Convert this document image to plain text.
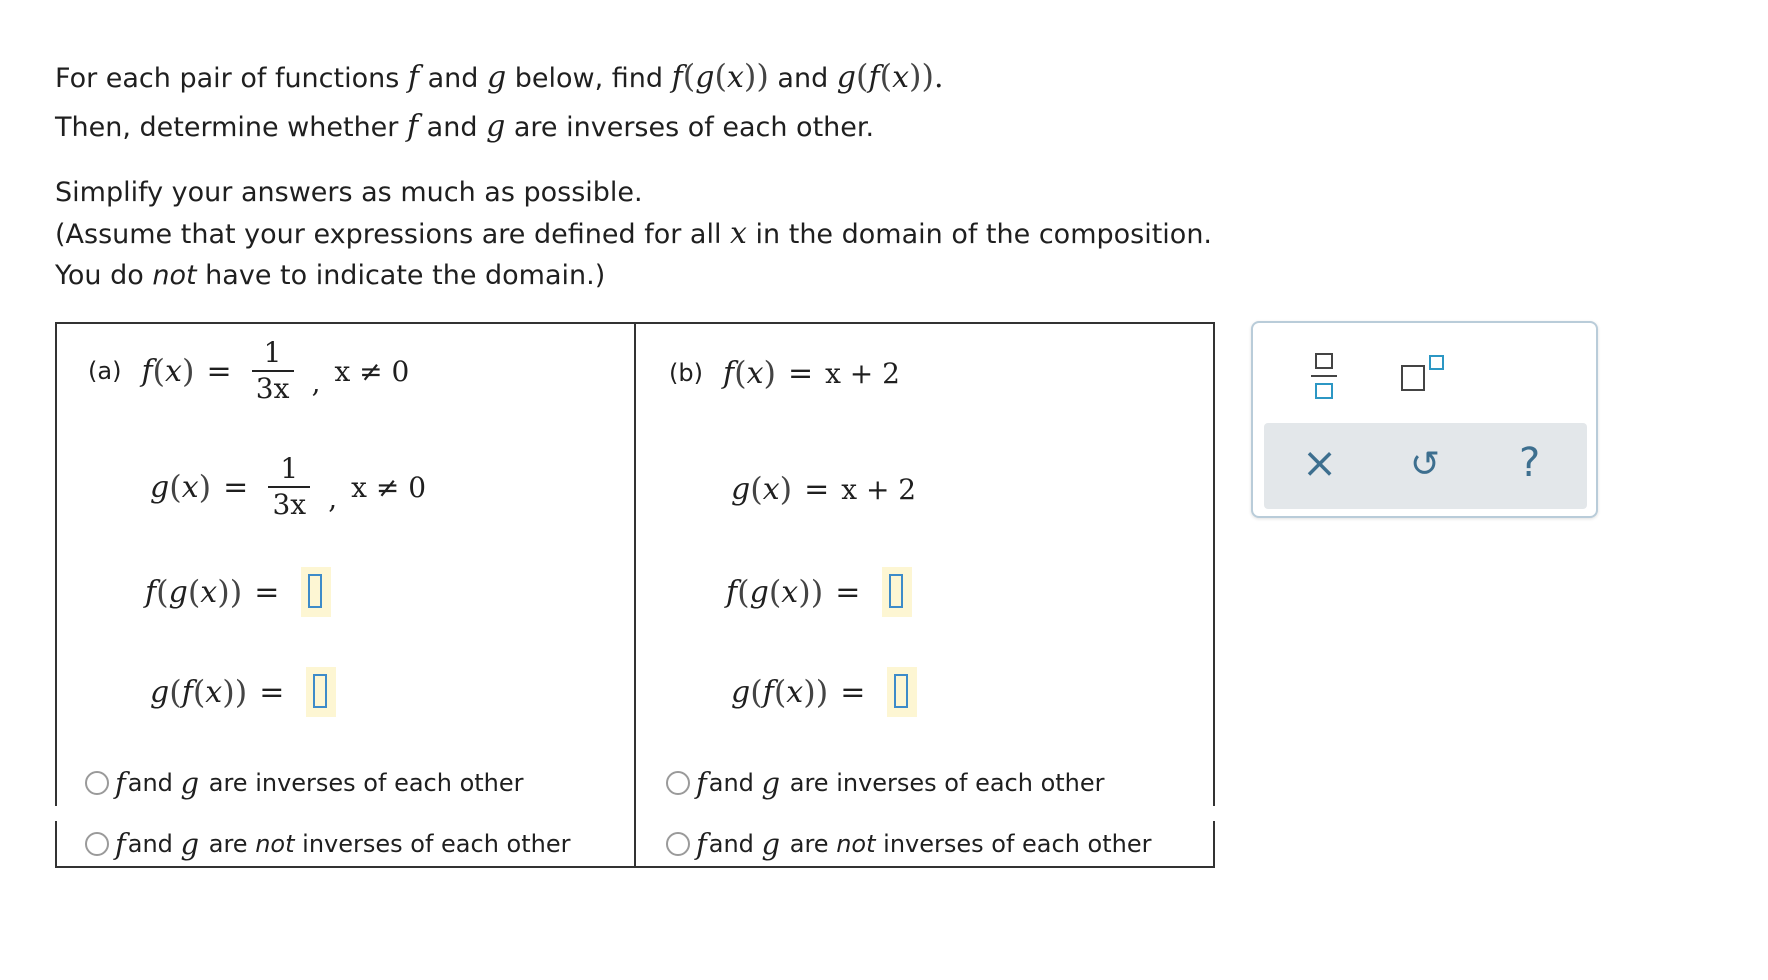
For each pair of functions f and g below, find f(g(x)) and g(f(x)).

Then, determine whether f and g are inverses of each other.

Simplify your answers as much as possible.

(Assume that your expressions are defined for all x in the domain of the composition.

You do not have to indicate the domain.)

(a) f ( x ) = $\frac{1}{3x}$ , x ≠ 0
g ( x ) = $\frac{1}{3x}$ , x ≠ 0
f ( g ( x ) ) =
g ( f ( x ) ) =
f and
g
are inverses of each other
f and
g
are
not
inverses of each other
(b) f ( x ) = x + 2
g ( x ) = x + 2
f ( g ( x ) ) =
g ( f ( x ) ) =
f and
g
are inverses of each other
f and
g
are
not
inverses of each other
× ↺ ?
